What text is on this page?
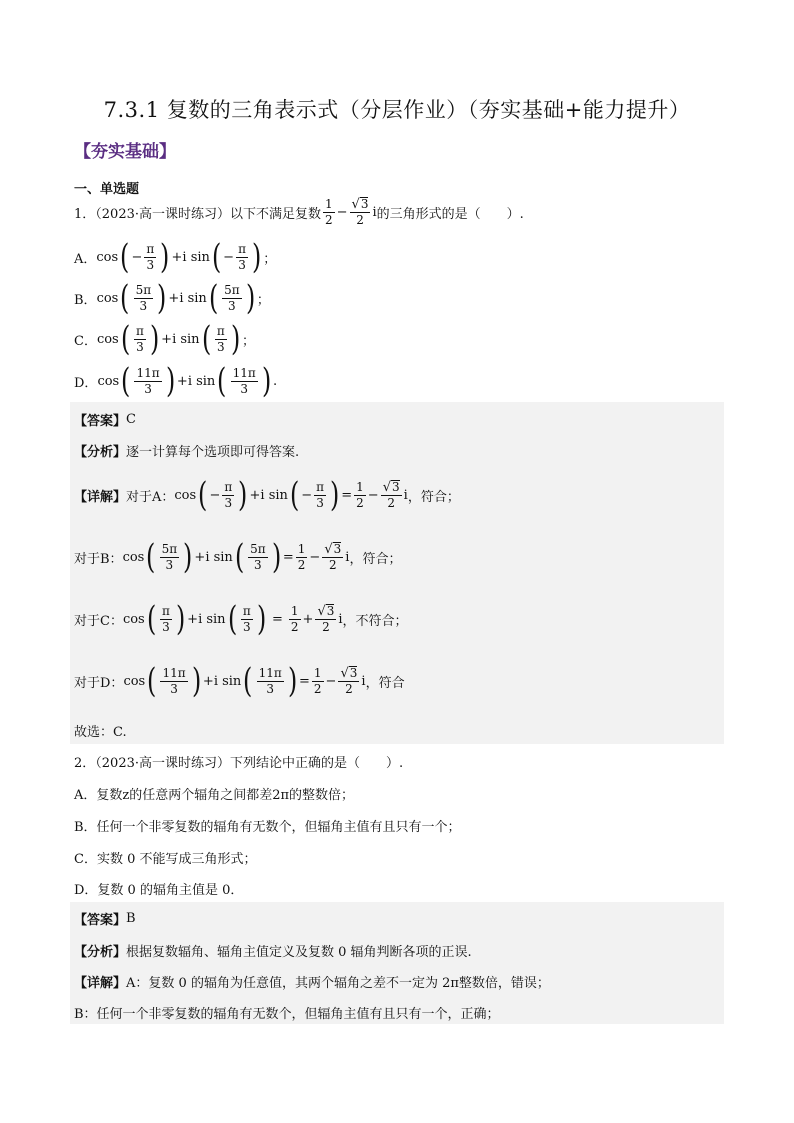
7.3.1 复数的三角表示式（分层作业）（夯实基础+能力提升）
【夯实基础】
一、单选题
1．（2023·高一课时练习）以下不满足复数 $\frac{1}{2} - \frac{√ 3}{2}$ i 的三角形式的是（　　）.
A． cos ( − $\frac{\pi}{3}$ ) + i sin ( − $\frac{\pi}{3}$ ) ；
B． cos ( $\frac{5\pi}{3}$ ) + i sin ( $\frac{5\pi}{3}$ ) ；
C． cos ( $\frac{\pi}{3}$ ) + i sin ( $\frac{\pi}{3}$ ) ；
D． cos ( $\frac{11\pi}{3}$ ) + i sin ( $\frac{11\pi}{3}$ ) .
【答案】 C
【分析】 逐一计算每个选项即可得答案.
【详解】 对于A： cos ( − $\frac{\pi}{3}$ ) + i sin ( − $\frac{\pi}{3}$ ) = $\frac{1}{2} - \frac{√ 3}{2}$ i ，符合；
对于B： cos ( $\frac{5\pi}{3}$ ) + i sin ( $\frac{5\pi}{3}$ ) = $\frac{1}{2} - \frac{√ 3}{2}$ i ，符合；
对于C： cos ( $\frac{\pi}{3}$ ) + i sin ( $\frac{\pi}{3}$ ) = $\frac{1}{2} + \frac{√ 3}{2}$ i ，不符合；
对于D： cos ( $\frac{11\pi}{3}$ ) + i sin ( $\frac{11\pi}{3}$ ) = $\frac{1}{2} - \frac{√ 3}{2}$ i ，符合
故选：C.
2．（2023·高一课时练习）下列结论中正确的是（　　）.
A．复数z的任意两个辐角之间都差2π的整数倍；
B．任何一个非零复数的辐角有无数个，但辐角主值有且只有一个；
C．实数 0 不能写成三角形式；
D．复数 0 的辐角主值是 0．
【答案】 B
【分析】 根据复数辐角、辐角主值定义及复数 0 辐角判断各项的正误.
【详解】 A：复数 0 的辐角为任意值，其两个辐角之差不一定为 2π整数倍，错误；
B：任何一个非零复数的辐角有无数个，但辐角主值有且只有一个，正确；
